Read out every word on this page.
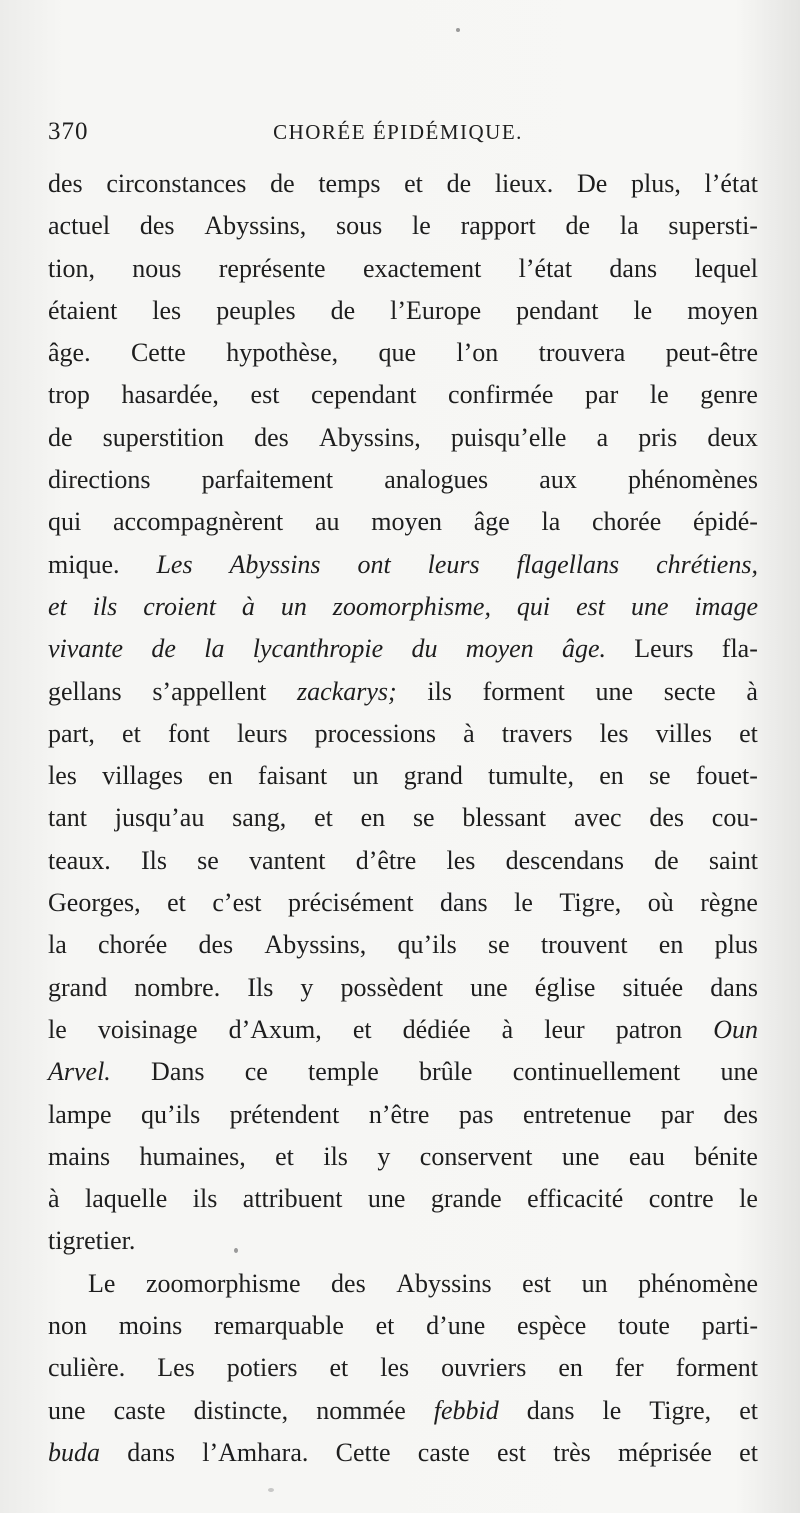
370	CHORÉE ÉPIDÉMIQUE.
des circonstances de temps et de lieux. De plus, l’état
actuel des Abyssins, sous le rapport de la supersti-
tion, nous représente exactement l’état dans lequel
étaient les peuples de l’Europe pendant le moyen
âge. Cette hypothèse, que l’on trouvera peut-être
trop hasardée, est cependant confirmée par le genre
de superstition des Abyssins, puisqu’elle a pris deux
directions parfaitement analogues aux phénomènes
qui accompagnèrent au moyen âge la chorée épidé-
mique. Les Abyssins ont leurs flagellans chrétiens,
et ils croient à un zoomorphisme, qui est une image
vivante de la lycanthropie du moyen âge. Leurs fla-
gellans s’appellent zackarys; ils forment une secte à
part, et font leurs processions à travers les villes et
les villages en faisant un grand tumulte, en se fouet-
tant jusqu’au sang, et en se blessant avec des cou-
teaux. Ils se vantent d’être les descendans de saint
Georges, et c’est précisément dans le Tigre, où règne
la chorée des Abyssins, qu’ils se trouvent en plus
grand nombre. Ils y possèdent une église située dans
le voisinage d’Axum, et dédiée à leur patron Oun
Arvel. Dans ce temple brûle continuellement une
lampe qu’ils prétendent n’être pas entretenue par des
mains humaines, et ils y conservent une eau bénite
à laquelle ils attribuent une grande efficacité contre le
tigretier.
Le zoomorphisme des Abyssins est un phénomène
non moins remarquable et d’une espèce toute parti-
culière. Les potiers et les ouvriers en fer forment
une caste distincte, nommée febbid dans le Tigre, et
buda dans l’Amhara. Cette caste est très méprisée et
